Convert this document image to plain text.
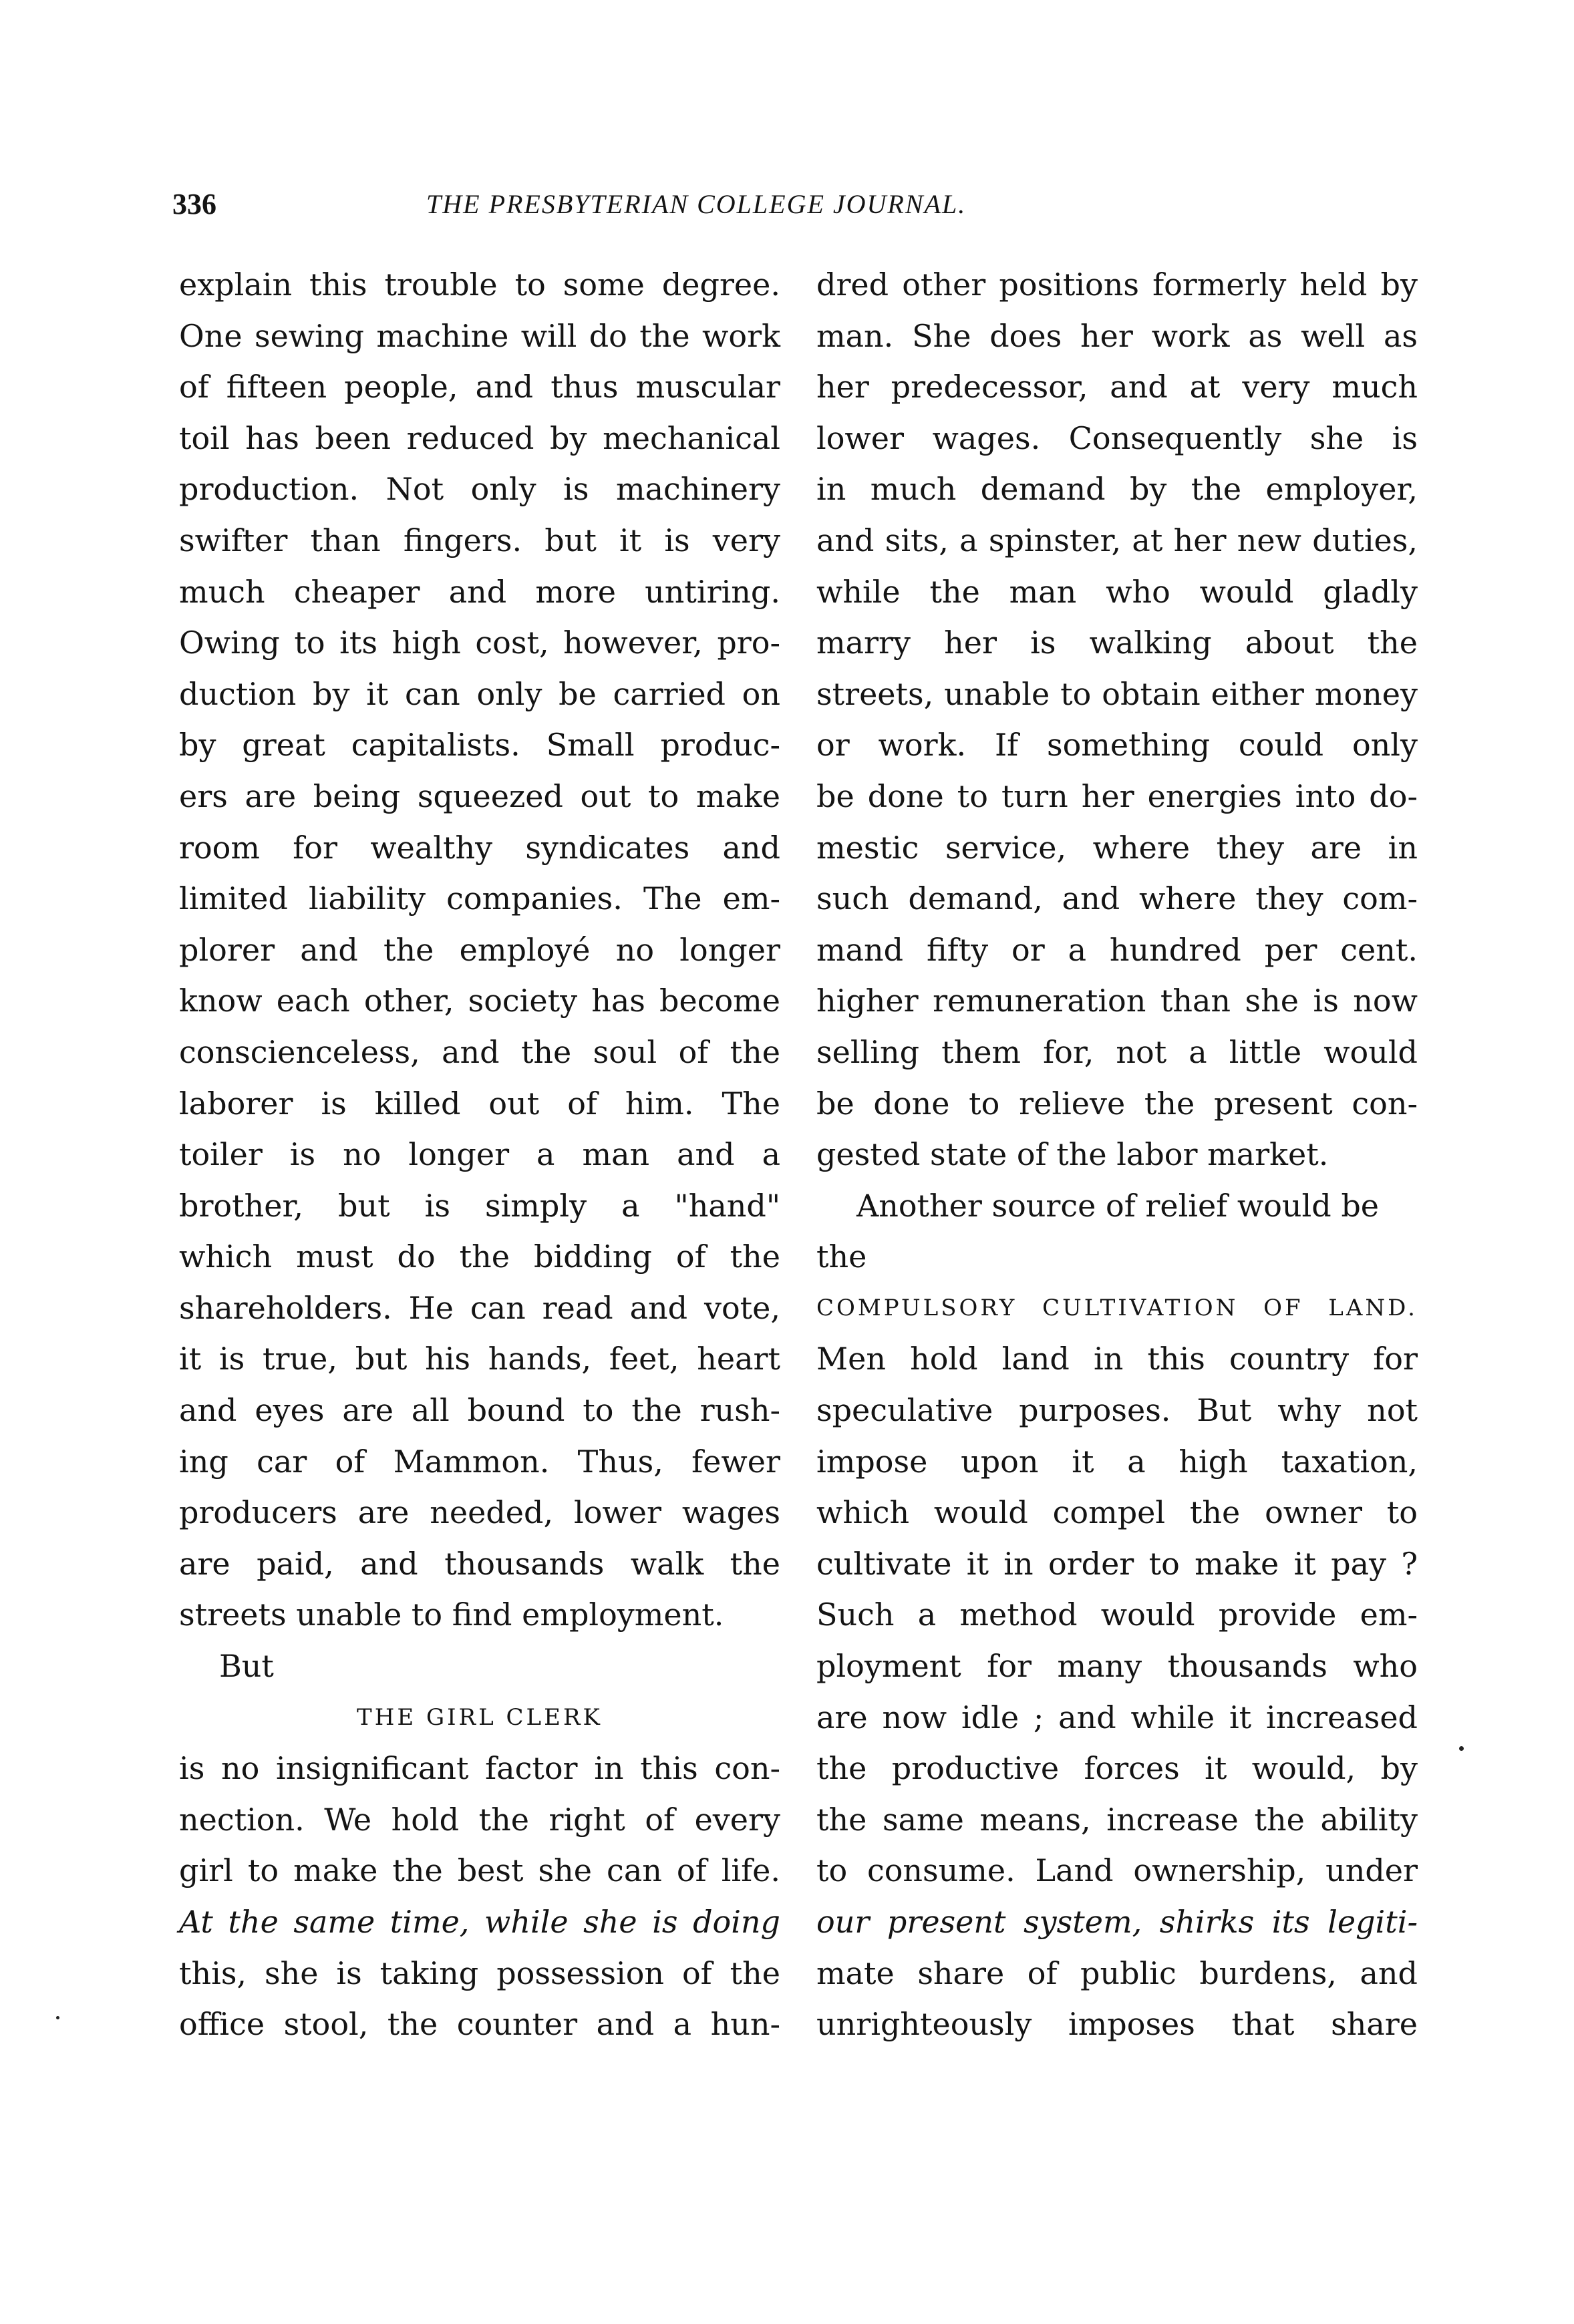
336	THE PRESBYTERIAN COLLEGE JOURNAL.
explain this trouble to some degree.
One sewing machine will do the work
of fifteen people, and thus muscular
toil has been reduced by mechanical
production. Not only is machinery
swifter than fingers. but it is very
much cheaper and more untiring.
Owing to its high cost, however, pro-
duction by it can only be carried on
by great capitalists. Small produc-
ers are being squeezed out to make
room for wealthy syndicates and
limited liability companies. The em-
plorer and the employé no longer
know each other, society has become
conscienceless, and the soul of the
laborer is killed out of him. The
toiler is no longer a man and a
brother, but is simply a "hand"
which must do the bidding of the
shareholders. He can read and vote,
it is true, but his hands, feet, heart
and eyes are all bound to the rush-
ing car of Mammon. Thus, fewer
producers are needed, lower wages
are paid, and thousands walk the
streets unable to find employment.
But
THE GIRL CLERK
is no insignificant factor in this con-
nection. We hold the right of every
girl to make the best she can of life.
At the same time, while she is doing
this, she is taking possession of the
office stool, the counter and a hun-
dred other positions formerly held by
man. She does her work as well as
her predecessor, and at very much
lower wages. Consequently she is
in much demand by the employer,
and sits, a spinster, at her new duties,
while the man who would gladly
marry her is walking about the
streets, unable to obtain either money
or work. If something could only
be done to turn her energies into do-
mestic service, where they are in
such demand, and where they com-
mand fifty or a hundred per cent.
higher remuneration than she is now
selling them for, not a little would
be done to relieve the present con-
gested state of the labor market.
Another source of relief would be
the
COMPULSORY CULTIVATION OF LAND.
Men hold land in this country for
speculative purposes. But why not
impose upon it a high taxation,
which would compel the owner to
cultivate it in order to make it pay ?
Such a method would provide em-
ployment for many thousands who
are now idle ; and while it increased
the productive forces it would, by
the same means, increase the ability
to consume. Land ownership, under
our present system, shirks its legiti-
mate share of public burdens, and
unrighteously imposes that share
